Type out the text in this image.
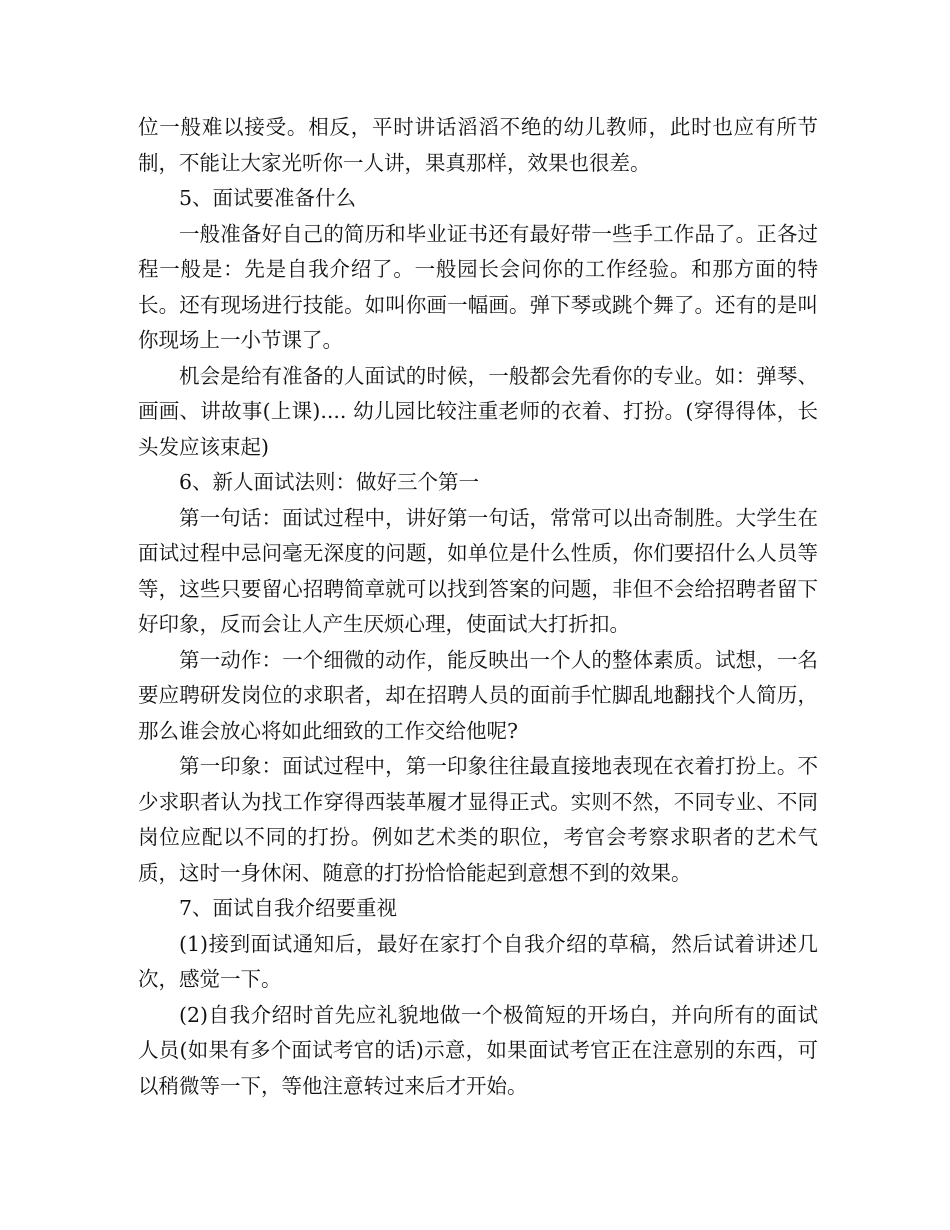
位一般难以接受。相反，平时讲话滔滔不绝的幼儿教师，此时也应有所节制，不能让大家光听你一人讲，果真那样，效果也很差。

5、面试要准备什么

一般准备好自己的简历和毕业证书还有最好带一些手工作品了。正各过程一般是：先是自我介绍了。一般园长会问你的工作经验。和那方面的特长。还有现场进行技能。如叫你画一幅画。弹下琴或跳个舞了。还有的是叫你现场上一小节课了。

机会是给有准备的人面试的时候，一般都会先看你的专业。如：弹琴、画画、讲故事(上课).... 幼儿园比较注重老师的衣着、打扮。(穿得得体，长头发应该束起)

6、新人面试法则：做好三个第一

第一句话：面试过程中，讲好第一句话，常常可以出奇制胜。大学生在面试过程中忌问毫无深度的问题，如单位是什么性质，你们要招什么人员等等，这些只要留心招聘简章就可以找到答案的问题，非但不会给招聘者留下好印象，反而会让人产生厌烦心理，使面试大打折扣。

第一动作：一个细微的动作，能反映出一个人的整体素质。试想，一名要应聘研发岗位的求职者，却在招聘人员的面前手忙脚乱地翻找个人简历，那么谁会放心将如此细致的工作交给他呢?

第一印象：面试过程中，第一印象往往最直接地表现在衣着打扮上。不少求职者认为找工作穿得西装革履才显得正式。实则不然，不同专业、不同岗位应配以不同的打扮。例如艺术类的职位，考官会考察求职者的艺术气质，这时一身休闲、随意的打扮恰恰能起到意想不到的效果。

7、面试自我介绍要重视

(1)接到面试通知后，最好在家打个自我介绍的草稿，然后试着讲述几次，感觉一下。

(2)自我介绍时首先应礼貌地做一个极简短的开场白，并向所有的面试人员(如果有多个面试考官的话)示意，如果面试考官正在注意别的东西，可以稍微等一下，等他注意转过来后才开始。
